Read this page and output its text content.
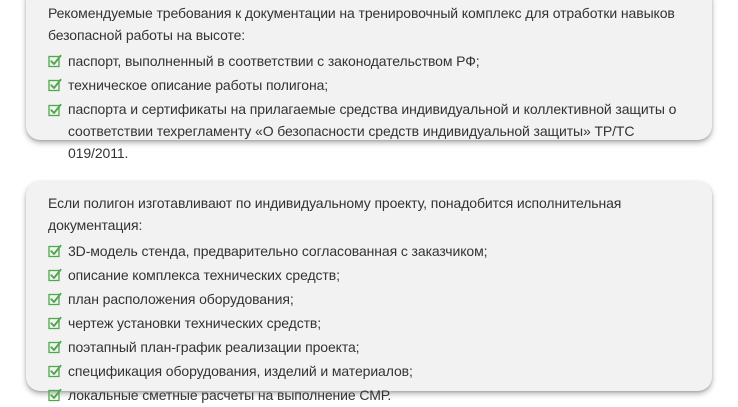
Рекомендуемые требования к документации на тренировочный комплекс для отработки навыков безопасной работы на высоте:

паспорт, выполненный в соответствии с законодательством РФ;
техническое описание работы полигона;
паспорта и сертификаты на прилагаемые средства индивидуальной и коллективной защиты о соответствии техрегламенту «О безопасности средств индивидуальной защиты» ТР/ТС 019/2011.

Если полигон изготавливают по индивидуальному проекту, понадобится исполнительная документация:

3D-модель стенда, предварительно согласованная с заказчиком;
описание комплекса технических средств;
план расположения оборудования;
чертеж установки технических средств;
поэтапный план-график реализации проекта;
спецификация оборудования, изделий и материалов;
локальные сметные расчеты на выполнение СМР.
